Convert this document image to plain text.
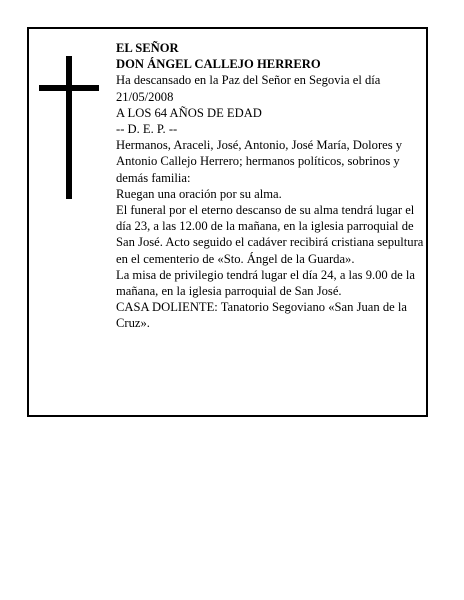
EL SEÑOR

DON ÁNGEL CALLEJO HERRERO

Ha descansado en la Paz del Señor en Segovia el día 21/05/2008

A LOS 64 AÑOS DE EDAD

-- D. E. P. --

Hermanos, Araceli, José, Antonio, José María, Dolores y Antonio Callejo Herrero; hermanos políticos, sobrinos y demás familia:

Ruegan una oración por su alma.

El funeral por el eterno descanso de su alma tendrá lugar el día 23, a las 12.00 de la mañana, en la iglesia parroquial de San José. Acto seguido el cadáver recibirá cristiana sepultura en el cementerio de «Sto. Ángel de la Guarda».

La misa de privilegio tendrá lugar el día 24, a las 9.00 de la mañana, en la iglesia parroquial de San José.

CASA DOLIENTE: Tanatorio Segoviano «San Juan de la Cruz».
